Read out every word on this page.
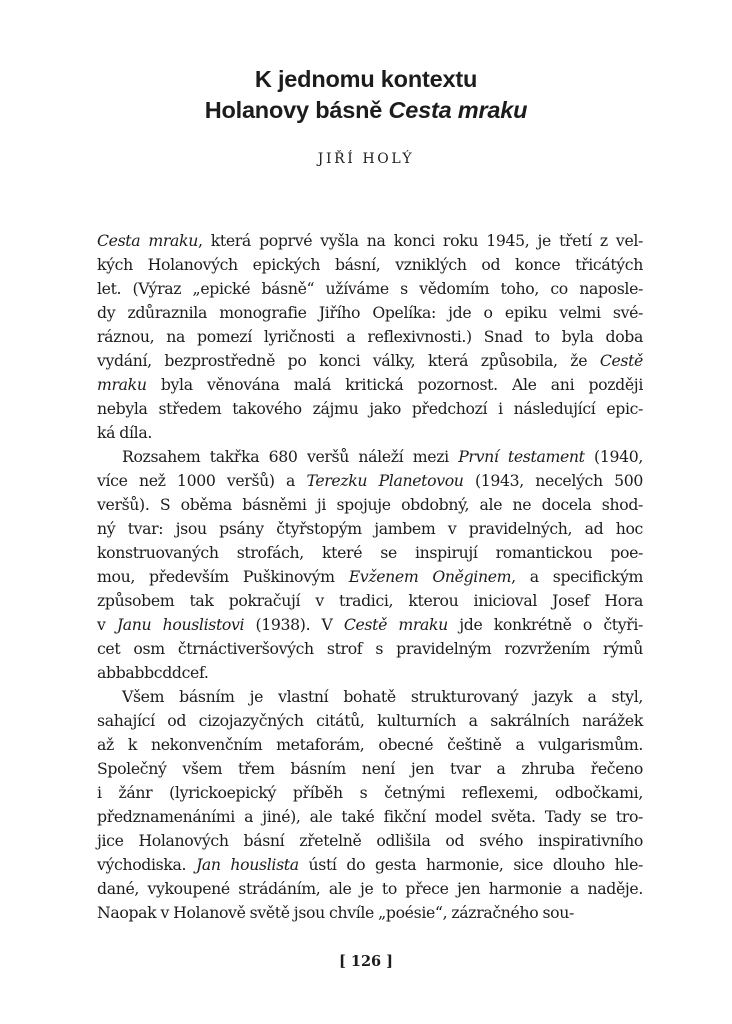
K jednomu kontextu
Holanovy básně Cesta mraku
JIŘÍ HOLÝ
Cesta mraku, která poprvé vyšla na konci roku 1945, je třetí z vel-
kých Holanových epických básní, vzniklých od konce třicátých
let. (Výraz „epické básně“ užíváme s vědomím toho, co naposle-
dy zdůraznila monografie Jiřího Opelíka: jde o epiku velmi své-
ráznou, na pomezí lyričnosti a reflexivnosti.) Snad to byla doba
vydání, bezprostředně po konci války, která způsobila, že Cestě
mraku byla věnována malá kritická pozornost. Ale ani později
nebyla středem takového zájmu jako předchozí i následující epic-
ká díla.
Rozsahem takřka 680 veršů náleží mezi První testament (1940,
více než 1000 veršů) a Terezku Planetovou (1943, necelých 500
veršů). S oběma básněmi ji spojuje obdobný, ale ne docela shod-
ný tvar: jsou psány čtyřstopým jambem v pravidelných, ad hoc
konstruovaných strofách, které se inspirují romantickou poe-
mou, především Puškinovým Evženem Oněginem, a specifickým
způsobem tak pokračují v tradici, kterou inicioval Josef Hora
v Janu houslistovi (1938). V Cestě mraku jde konkrétně o čtyři-
cet osm čtrnáctiveršových strof s pravidelným rozvržením rýmů
abbabbcddcef.
Všem básním je vlastní bohatě strukturovaný jazyk a styl,
sahající od cizojazyčných citátů, kulturních a sakrálních narážek
až k nekonvenčním metaforám, obecné češtině a vulgarismům.
Společný všem třem básním není jen tvar a zhruba řečeno
i žánr (lyrickoepický příběh s četnými reflexemi, odbočkami,
předznamenáními a jiné), ale také fikční model světa. Tady se tro-
jice Holanových básní zřetelně odlišila od svého inspirativního
východiska. Jan houslista ústí do gesta harmonie, sice dlouho hle-
dané, vykoupené strádáním, ale je to přece jen harmonie a naděje.
Naopak v Holanově světě jsou chvíle „poésie“, zázračného sou-
[ 126 ]
